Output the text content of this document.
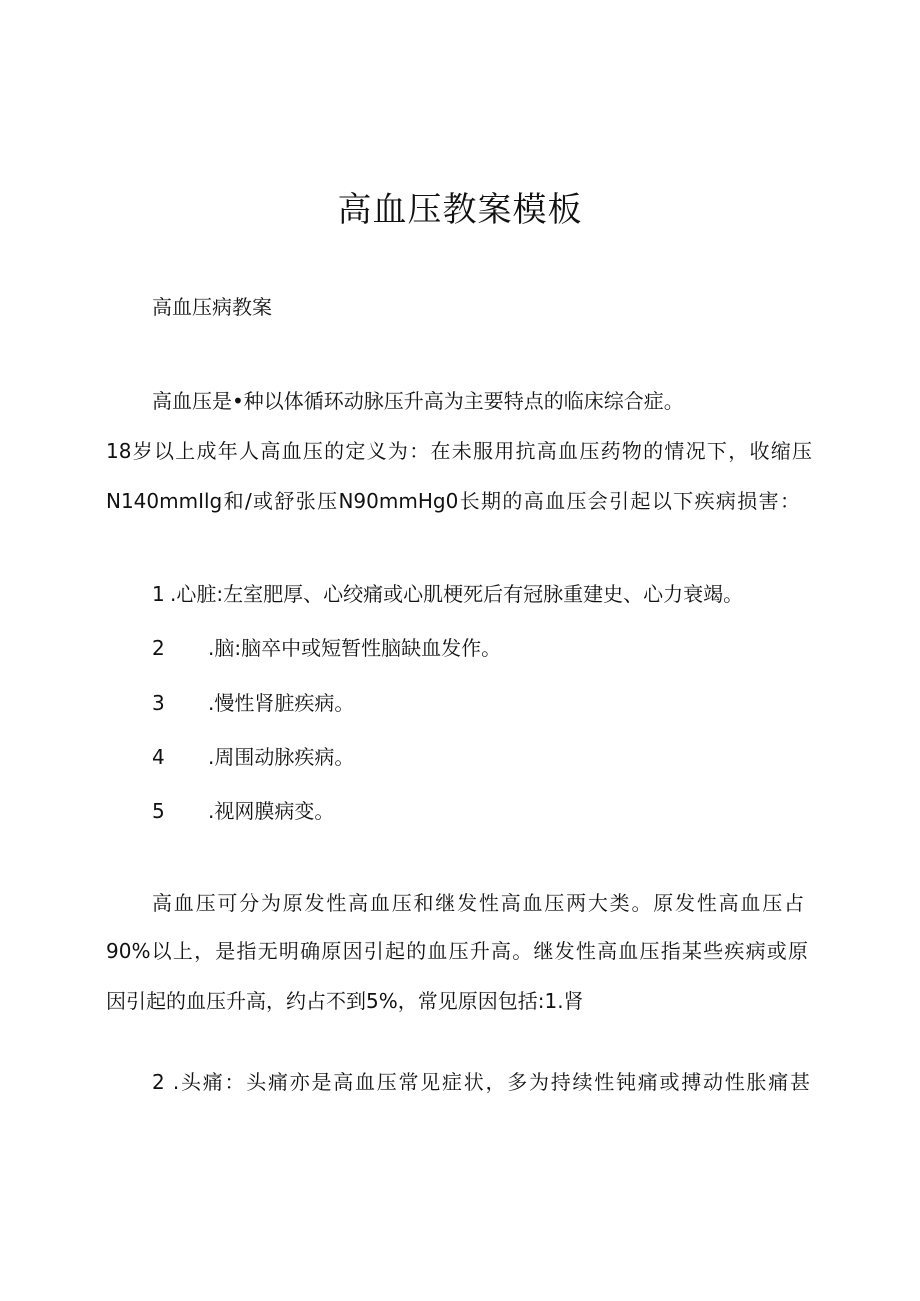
高血压教案模板
高血压病教案
高血压是•种以体循环动脉压升高为主要特点的临床综合症。
18岁以上成年人高血压的定义为：在未服用抗高血压药物的情况下，收缩压
N140mmIlg和/或舒张压N90mmHg0长期的高血压会引起以下疾病损害：
1 .心脏:左室肥厚、心绞痛或心肌梗死后有冠脉重建史、心力衰竭。
2 .脑:脑卒中或短暂性脑缺血发作。
3 .慢性肾脏疾病。
4 .周围动脉疾病。
5 .视网膜病变。
高血压可分为原发性高血压和继发性高血压两大类。原发性高血压占
90%以上，是指无明确原因引起的血压升高。继发性高血压指某些疾病或原
因引起的血压升高，约占不到5%，常见原因包括:1.肾
2 .头痛：头痛亦是高血压常见症状，多为持续性钝痛或搏动性胀痛甚
